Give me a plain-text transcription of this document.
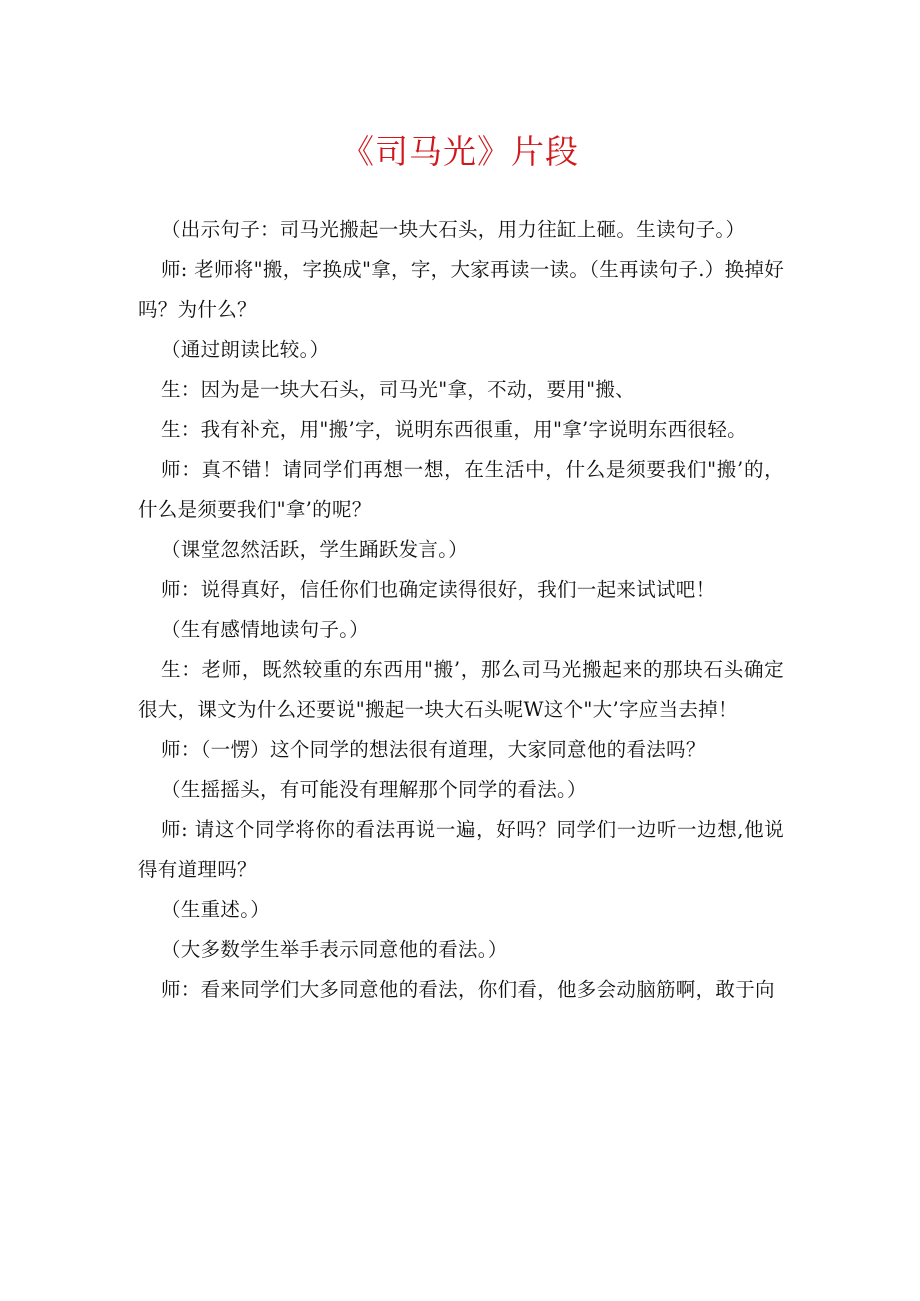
《司马光》片段

（出示句子：司马光搬起一块大石头，用力往缸上砸。生读句子。）

师: 老师将"搬，字换成"拿，字，大家再读一读。（生再读句子.）换掉好吗？为什么？

（通过朗读比较。）

生：因为是一块大石头，司马光"拿，不动，要用"搬、

生：我有补充，用"搬’字，说明东西很重，用"拿’字说明东西很轻。

师：真不错！请同学们再想一想，在生活中，什么是须要我们"搬’的，什么是须要我们"拿’的呢？

（课堂忽然活跃，学生踊跃发言。）

师：说得真好，信任你们也确定读得很好，我们一起来试试吧！

（生有感情地读句子。）

生：老师，既然较重的东西用"搬’，那么司马光搬起来的那块石头确定很大，课文为什么还要说"搬起一块大石头呢W这个"大’字应当去掉！

师：（一愣）这个同学的想法很有道理，大家同意他的看法吗？

（生摇摇头，有可能没有理解那个同学的看法。）

师: 请这个同学将你的看法再说一遍，好吗？同学们一边听一边想,他说得有道理吗？

（生重述。）

（大多数学生举手表示同意他的看法。）

师：看来同学们大多同意他的看法，你们看，他多会动脑筋啊，敢于向
